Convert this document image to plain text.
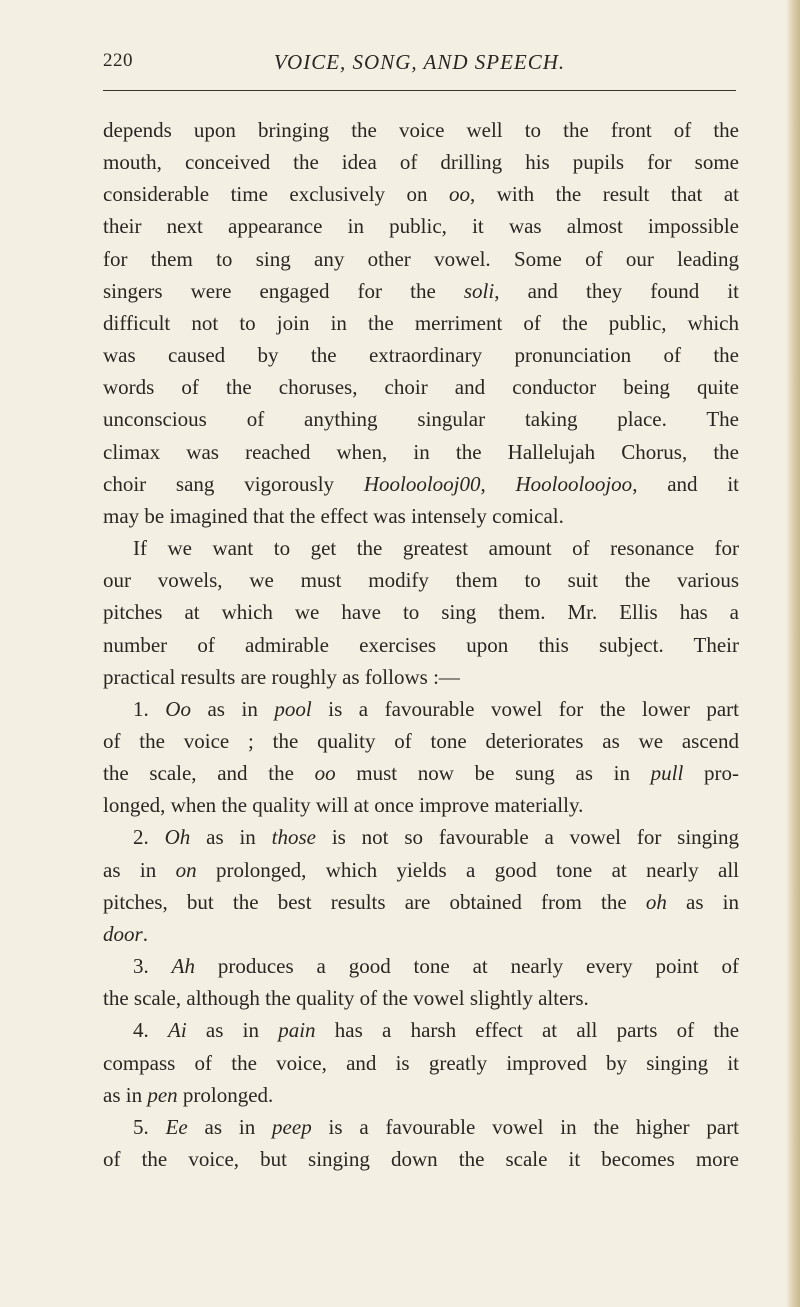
220	VOICE, SONG, AND SPEECH.
depends upon bringing the voice well to the front of the
mouth, conceived the idea of drilling his pupils for some
considerable time exclusively on oo, with the result that at
their next appearance in public, it was almost impossible
for them to sing any other vowel. Some of our leading
singers were engaged for the soli, and they found it
difficult not to join in the merriment of the public, which
was caused by the extraordinary pronunciation of the
words of the choruses, choir and conductor being quite
unconscious of anything singular taking place. The
climax was reached when, in the Hallelujah Chorus, the
choir sang vigorously Hooloolooj00, Hoolooloojoo, and it
may be imagined that the effect was intensely comical.
If we want to get the greatest amount of resonance for
our vowels, we must modify them to suit the various
pitches at which we have to sing them. Mr. Ellis has a
number of admirable exercises upon this subject. Their
practical results are roughly as follows :—
1. Oo as in pool is a favourable vowel for the lower part
of the voice ; the quality of tone deteriorates as we ascend
the scale, and the oo must now be sung as in pull pro-
longed, when the quality will at once improve materially.
2. Oh as in those is not so favourable a vowel for singing
as in on prolonged, which yields a good tone at nearly all
pitches, but the best results are obtained from the oh as in
door.
3. Ah produces a good tone at nearly every point of
the scale, although the quality of the vowel slightly alters.
4. Ai as in pain has a harsh effect at all parts of the
compass of the voice, and is greatly improved by singing it
as in pen prolonged.
5. Ee as in peep is a favourable vowel in the higher part
of the voice, but singing down the scale it becomes more
